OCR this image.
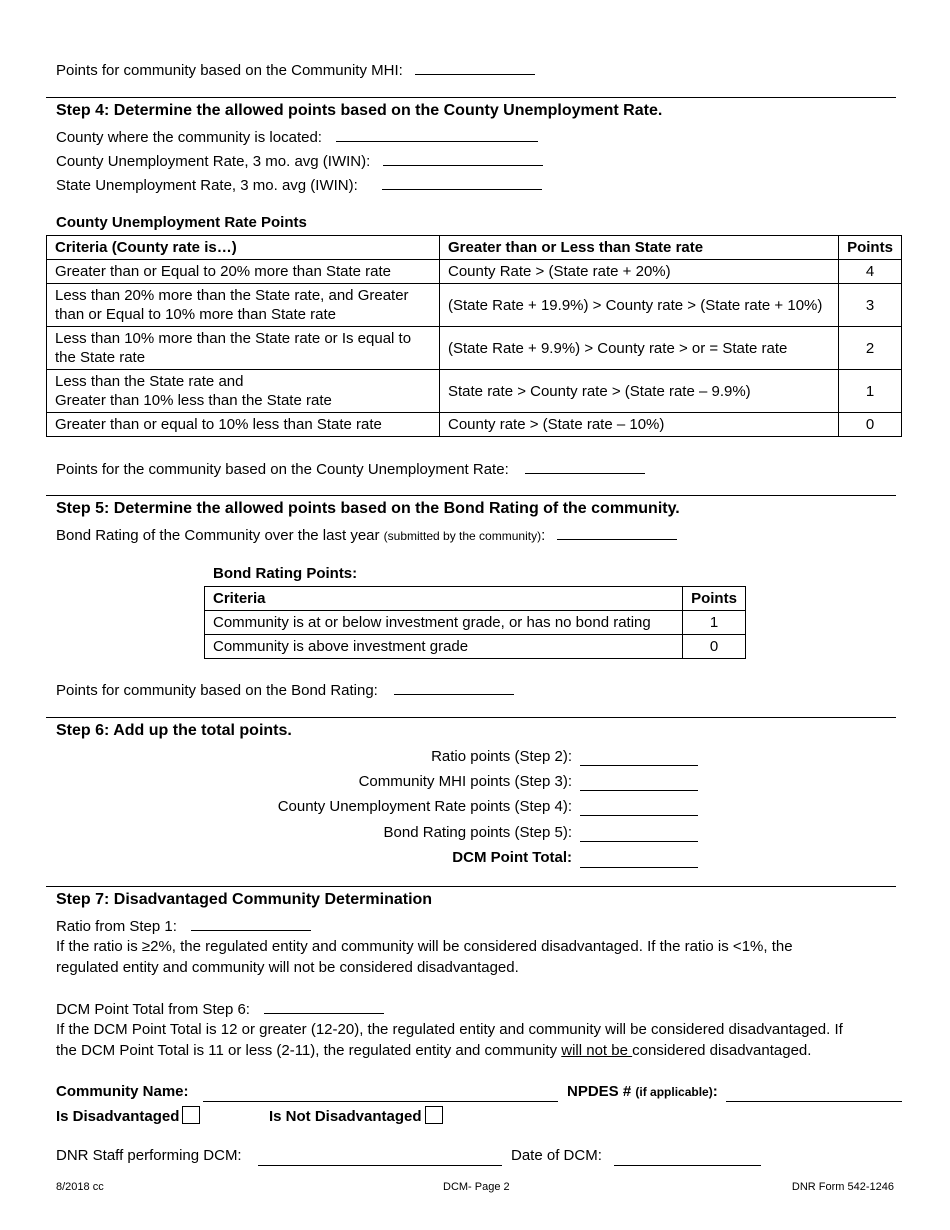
Points for community based on the Community MHI:
Step 4: Determine the allowed points based on the County Unemployment Rate.
County where the community is located:
County Unemployment Rate, 3 mo. avg (IWIN):
State Unemployment Rate, 3 mo. avg (IWIN):
County Unemployment Rate Points
Criteria (County rate is…)	Greater than or Less than State rate	Points
Greater than or Equal to 20% more than State rate	County Rate > (State rate + 20%)	4
Less than 20% more than the State rate, and Greater
than or Equal to 10% more than State rate	(State Rate + 19.9%) > County rate > (State rate + 10%)	3
Less than 10% more than the State rate or Is equal to
the State rate	(State Rate + 9.9%) > County rate > or = State rate	2
Less than the State rate and
Greater than 10% less than the State rate	State rate > County rate > (State rate – 9.9%)	1
Greater than or equal to 10% less than State rate	County rate > (State rate – 10%)	0
Points for the community based on the County Unemployment Rate:
Step 5: Determine the allowed points based on the Bond Rating of the community.
Bond Rating of the Community over the last year (submitted by the community):
Bond Rating Points:
Criteria	Points
Community is at or below investment grade, or has no bond rating	1
Community is above investment grade	0
Points for community based on the Bond Rating:
Step 6: Add up the total points.
Ratio points (Step 2):
Community MHI points (Step 3):
County Unemployment Rate points (Step 4):
Bond Rating points (Step 5):
DCM Point Total:
Step 7: Disadvantaged Community Determination
Ratio from Step 1:
If the ratio is ≥2%, the regulated entity and community will be considered disadvantaged. If the ratio is <1%, the
regulated entity and community will not be considered disadvantaged.
DCM Point Total from Step 6:
If the DCM Point Total is 12 or greater (12-20), the regulated entity and community will be considered disadvantaged. If
the DCM Point Total is 11 or less (2-11), the regulated entity and community will not be considered disadvantaged.
Community Name:	NPDES # (if applicable):
Is Disadvantaged	Is Not Disadvantaged
DNR Staff performing DCM:	Date of DCM:
8/2018 cc	DCM- Page 2	DNR Form 542-1246
